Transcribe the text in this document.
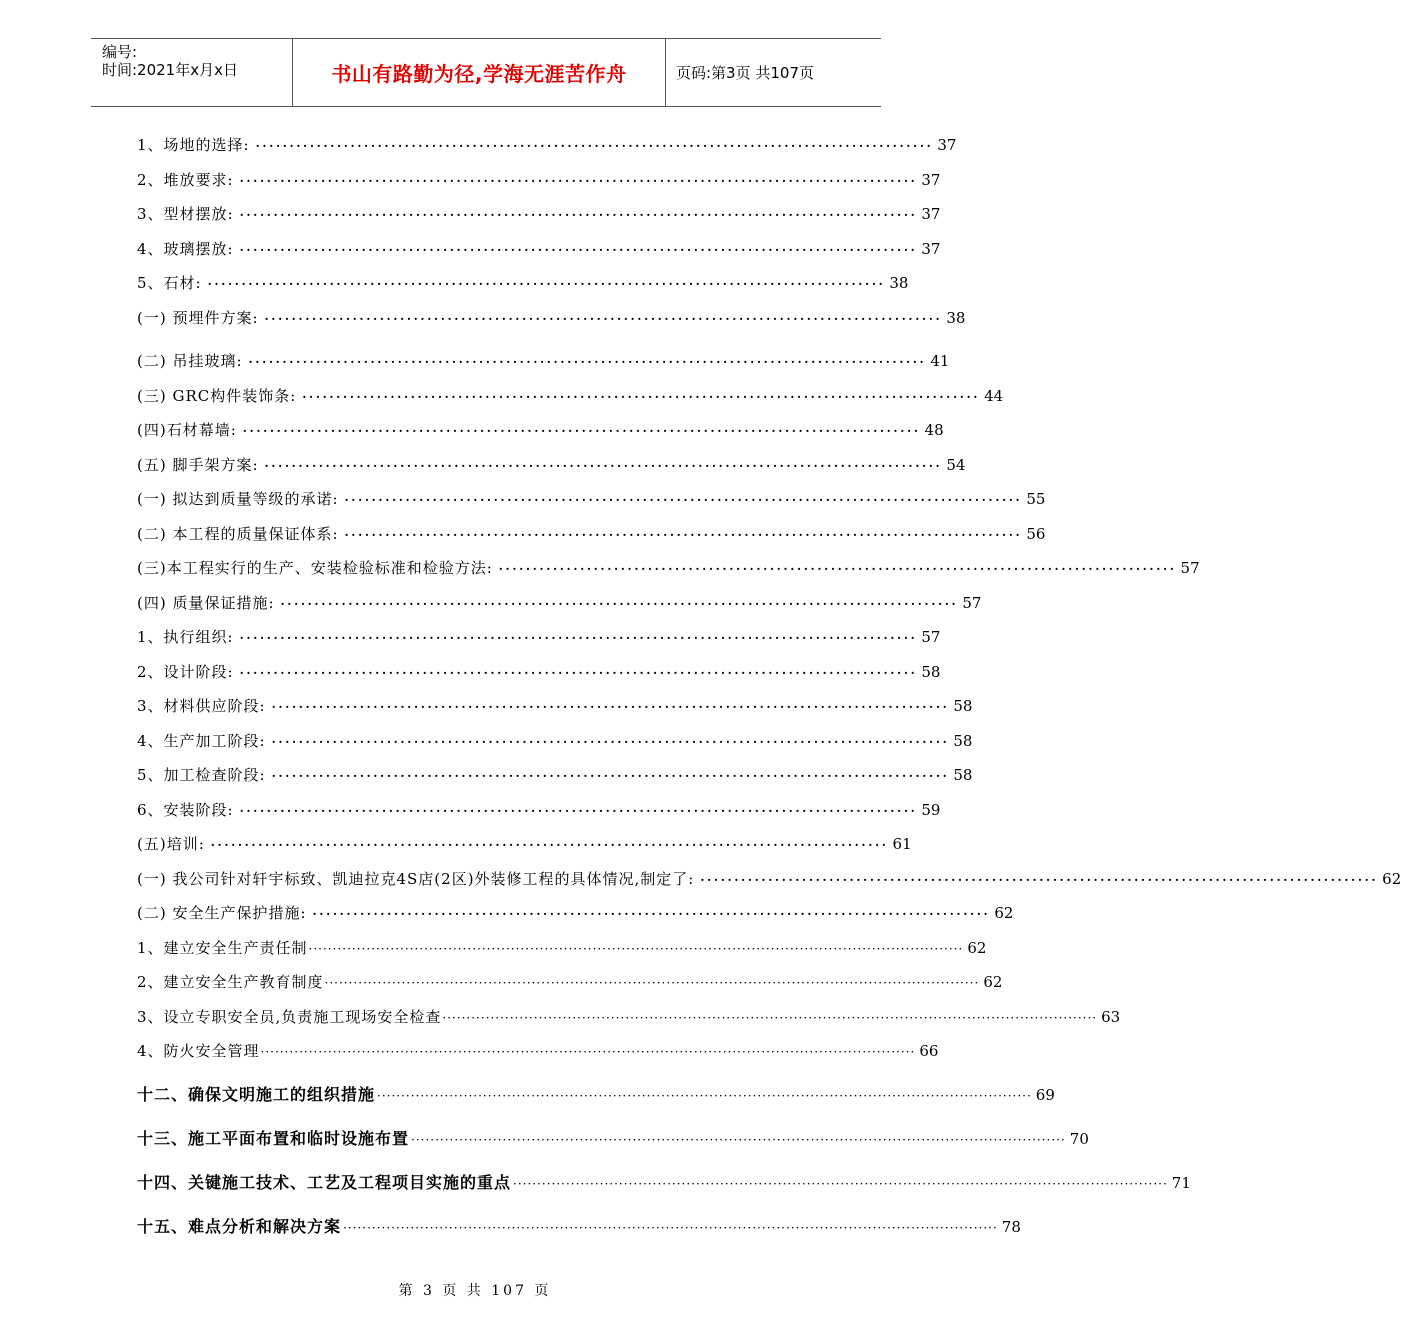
编号:
时间:2021年x月x日	书山有路勤为径,学海无涯苦作舟	页码:第3页 共107页
1、场地的选择: ···································································································· 37
2、堆放要求: ···································································································· 37
3、型材摆放: ···································································································· 37
4、玻璃摆放: ···································································································· 37
5、石材: ···································································································· 38
(一) 预埋件方案: ···································································································· 38
(二) 吊挂玻璃: ···································································································· 41
(三) GRC构件装饰条: ···································································································· 44
(四)石材幕墙: ···································································································· 48
(五) 脚手架方案: ···································································································· 54
(一) 拟达到质量等级的承诺: ···································································································· 55
(二) 本工程的质量保证体系: ···································································································· 56
(三)本工程实行的生产、安装检验标准和检验方法: ···································································································· 57
(四) 质量保证措施: ···································································································· 57
1、执行组织: ···································································································· 57
2、设计阶段: ···································································································· 58
3、材料供应阶段: ···································································································· 58
4、生产加工阶段: ···································································································· 58
5、加工检查阶段: ···································································································· 58
6、安装阶段: ···································································································· 59
(五)培训: ···································································································· 61
(一) 我公司针对轩宇标致、凯迪拉克4S店(2区)外装修工程的具体情况,制定了: ···································································································· 62
(二) 安全生产保护措施: ···································································································· 62
1、建立安全生产责任制 ········································································································································ 62
2、建立安全生产教育制度 ········································································································································ 62
3、设立专职安全员,负责施工现场安全检查 ········································································································································ 63
4、防火安全管理 ········································································································································ 66
十二、确保文明施工的组织措施 ········································································································································ 69
十三、施工平面布置和临时设施布置 ········································································································································ 70
十四、关键施工技术、工艺及工程项目实施的重点 ········································································································································ 71
十五、难点分析和解决方案 ········································································································································ 78
第 3 页 共 107 页
